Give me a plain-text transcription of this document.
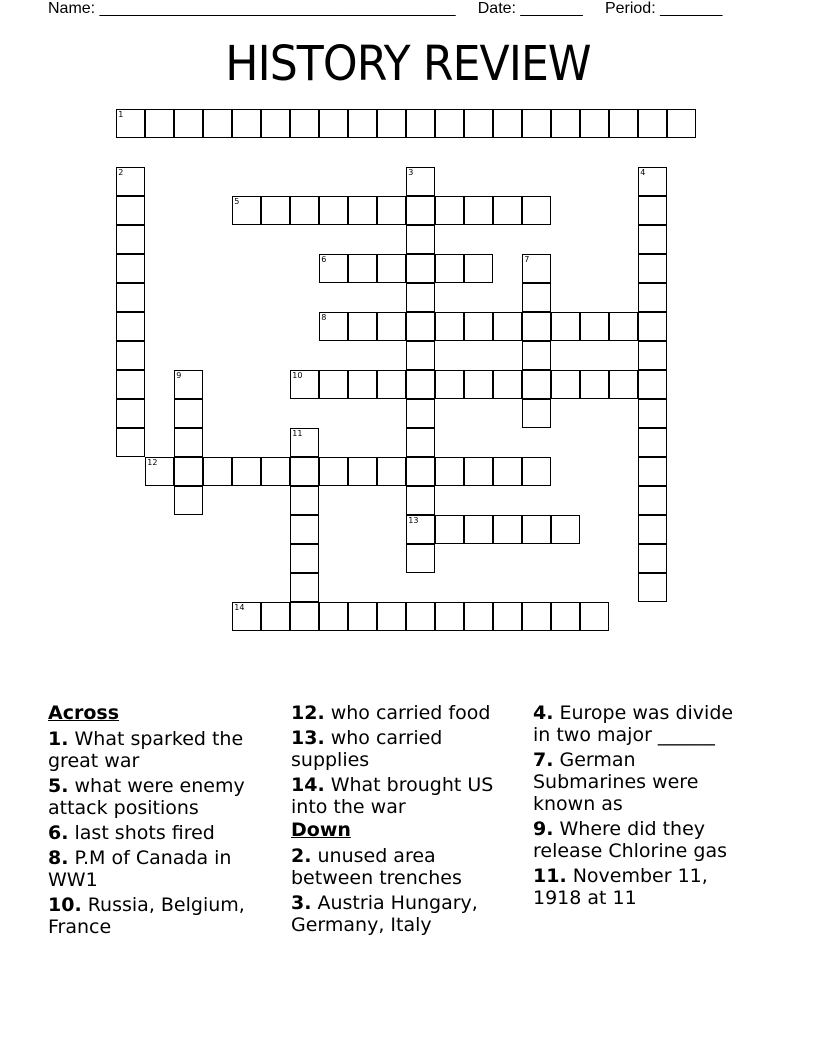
Name: ________________________________________     Date: _______     Period: _______
HISTORY REVIEW
1
2	3
13
4
5
6	7
8
9	10
11
12
14
Across
1. What sparked the great war
5. what were enemy attack positions
6. last shots fired
8. P.M of Canada in WW1
10. Russia, Belgium, France
12. who carried food
13. who carried supplies
14. What brought US into the war
Down
2. unused area between trenches
3. Austria Hungary, Germany, Italy
4. Europe was divide in two major ______
7. German Submarines were known as
9. Where did they release Chlorine gas
11. November 11, 1918 at 11
